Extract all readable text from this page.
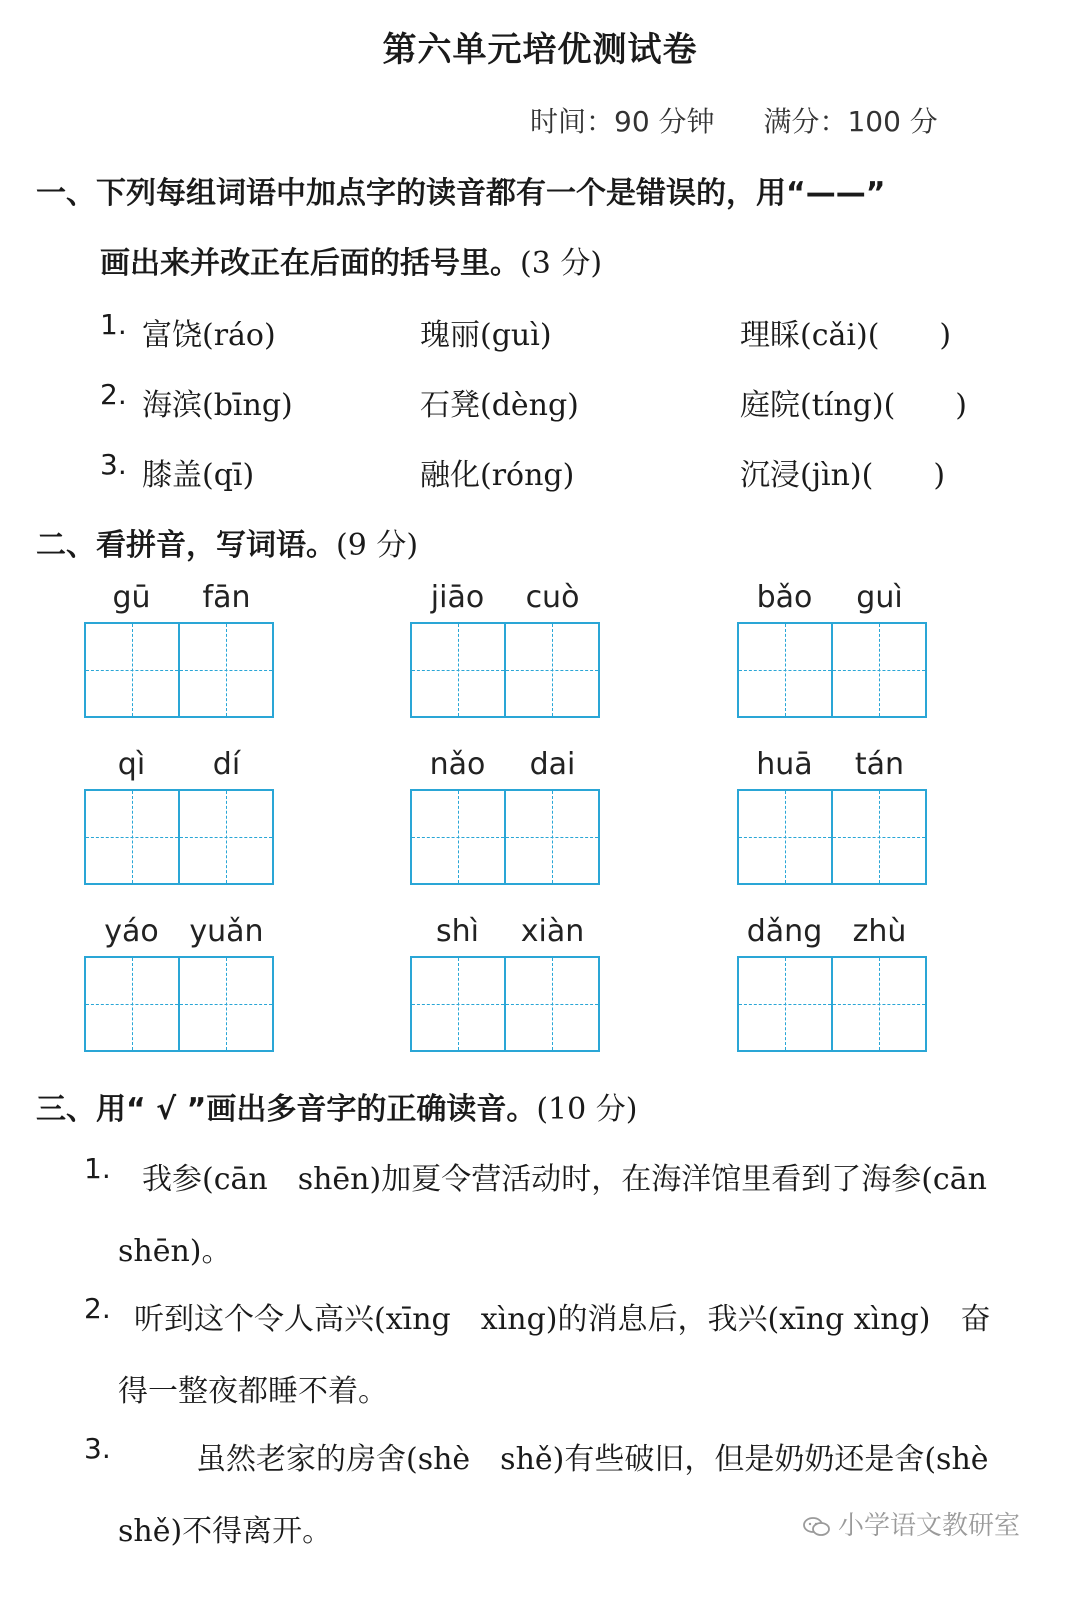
第六单元培优测试卷
时间：90 分钟 满分：100 分
一、下列每组词语中加点字的读音都有一个是错误的，用“——”
画出来并改正在后面的括号里。(3 分)
1. 富饶(ráo)	瑰丽(guì)	理睬(cǎi)(　　)
2. 海滨(bīng)	石凳(dèng)	庭院(tíng)(　　)
3. 膝盖(qī)	融化(róng)	沉浸(jìn)(　　)
二、看拼音，写词语。(9 分)
gū fān	jiāo cuò	bǎo guì
qì dí	nǎo dai	huā tán
yáo yuǎn	shì xiàn	dǎng zhù
三、用“ √ ”画出多音字的正确读音。(10 分)
1. 我参(cān　shēn)加夏令营活动时，在海洋馆里看到了海参(cān
shēn)。
2. 听到这个令人高兴(xīng　xìng)的消息后，我兴(xīng xìng)　奋
得一整夜都睡不着。
3.	虽然老家的房舍(shè　shě)有些破旧，但是奶奶还是舍(shè
shě)不得离开。	小学语文教研室
